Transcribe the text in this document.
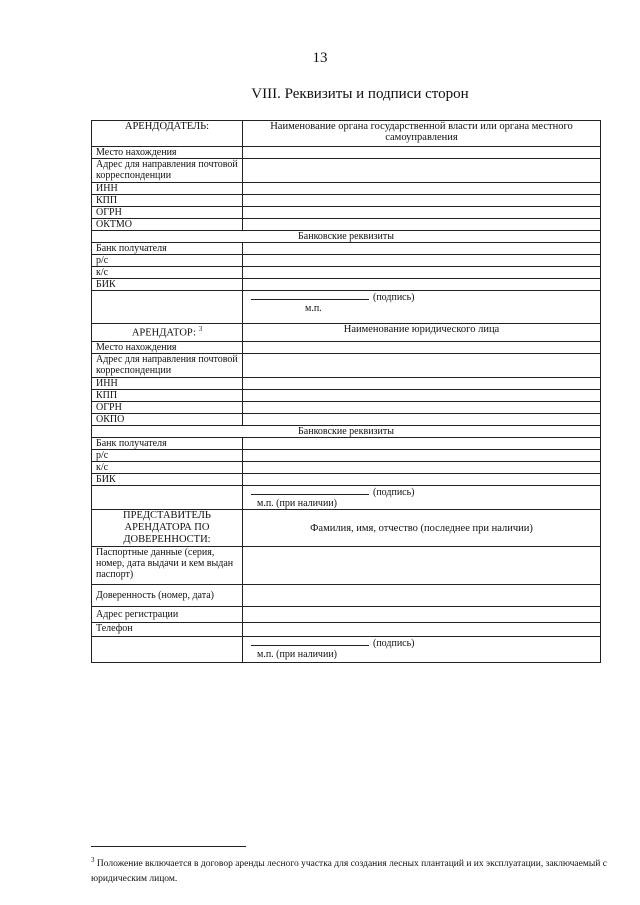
13
VIII. Реквизиты и подписи сторон
АРЕНДОДАТЕЛЬ:	Наименование органа государственной власти или органа местного самоуправления
Место нахождения	
Адрес для направления почтовой корреспонденции	
ИНН	
КПП	
ОГРН	
ОКТМО	
Банковские реквизиты	
Банк получателя	
р/с	
к/с	
БИК	
	(подпись)
м.п.

АРЕНДАТОР: $^3$	Наименование юридического лица
Место нахождения	
Адрес для направления почтовой корреспонденции	
ИНН	
КПП	
ОГРН	
ОКПО	
Банковские реквизиты	
Банк получателя	
р/с	
к/с	
БИК	
	(подпись)
м.п. (при наличии)

ПРЕДСТАВИТЕЛЬ АРЕНДАТОРА ПО ДОВЕРЕННОСТИ:	Фамилия, имя, отчество (последнее при наличии)
Паспортные данные (серия, номер, дата выдачи и кем выдан паспорт)	
Доверенность (номер, дата)	
Адрес регистрации	
Телефон	
	(подпись)
м.п. (при наличии)
$^3$ Положение включается в договор аренды лесного участка для создания лесных плантаций и их эксплуатации, заключаемый с юридическим лицом.
